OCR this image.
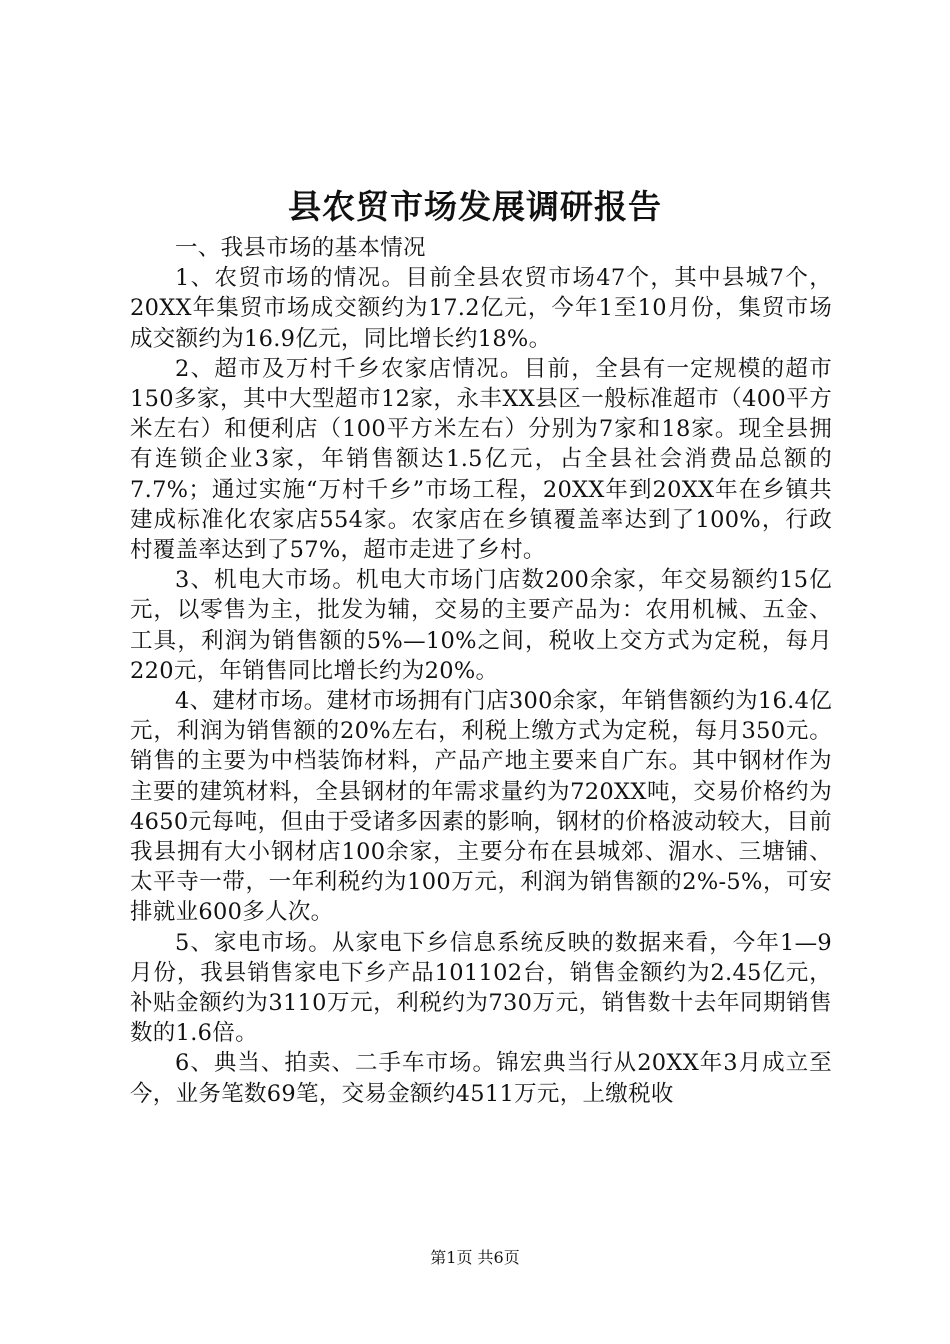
县农贸市场发展调研报告

一、我县市场的基本情况

1、农贸市场的情况。目前全县农贸市场47个，其中县城7个，20XX年集贸市场成交额约为17.2亿元，今年1至10月份，集贸市场成交额约为16.9亿元，同比增长约18%。

2、超市及万村千乡农家店情况。目前，全县有一定规模的超市150多家，其中大型超市12家，永丰XX县区一般标准超市（400平方米左右）和便利店（100平方米左右）分别为7家和18家。现全县拥有连锁企业3家，年销售额达1.5亿元，占全县社会消费品总额的7.7%；通过实施“万村千乡”市场工程，20XX年到20XX年在乡镇共建成标准化农家店554家。农家店在乡镇覆盖率达到了100%，行政村覆盖率达到了57%，超市走进了乡村。

3、机电大市场。机电大市场门店数200余家，年交易额约15亿元，以零售为主，批发为辅，交易的主要产品为：农用机械、五金、工具，利润为销售额的5%—10%之间，税收上交方式为定税，每月220元，年销售同比增长约为20%。

4、建材市场。建材市场拥有门店300余家，年销售额约为16.4亿元，利润为销售额的20%左右，利税上缴方式为定税，每月350元。销售的主要为中档装饰材料，产品产地主要来自广东。其中钢材作为主要的建筑材料，全县钢材的年需求量约为720XX吨，交易价格约为4650元每吨，但由于受诸多因素的影响，钢材的价格波动较大，目前我县拥有大小钢材店100余家，主要分布在县城郊、湄水、三塘铺、太平寺一带，一年利税约为100万元，利润为销售额的2%-5%，可安排就业600多人次。

5、家电市场。从家电下乡信息系统反映的数据来看，今年1—9月份，我县销售家电下乡产品101102台，销售金额约为2.45亿元，补贴金额约为3110万元，利税约为730万元，销售数十去年同期销售数的1.6倍。

6、典当、拍卖、二手车市场。锦宏典当行从20XX年3月成立至今，业务笔数69笔，交易金额约4511万元，上缴税收

第1页 共6页
